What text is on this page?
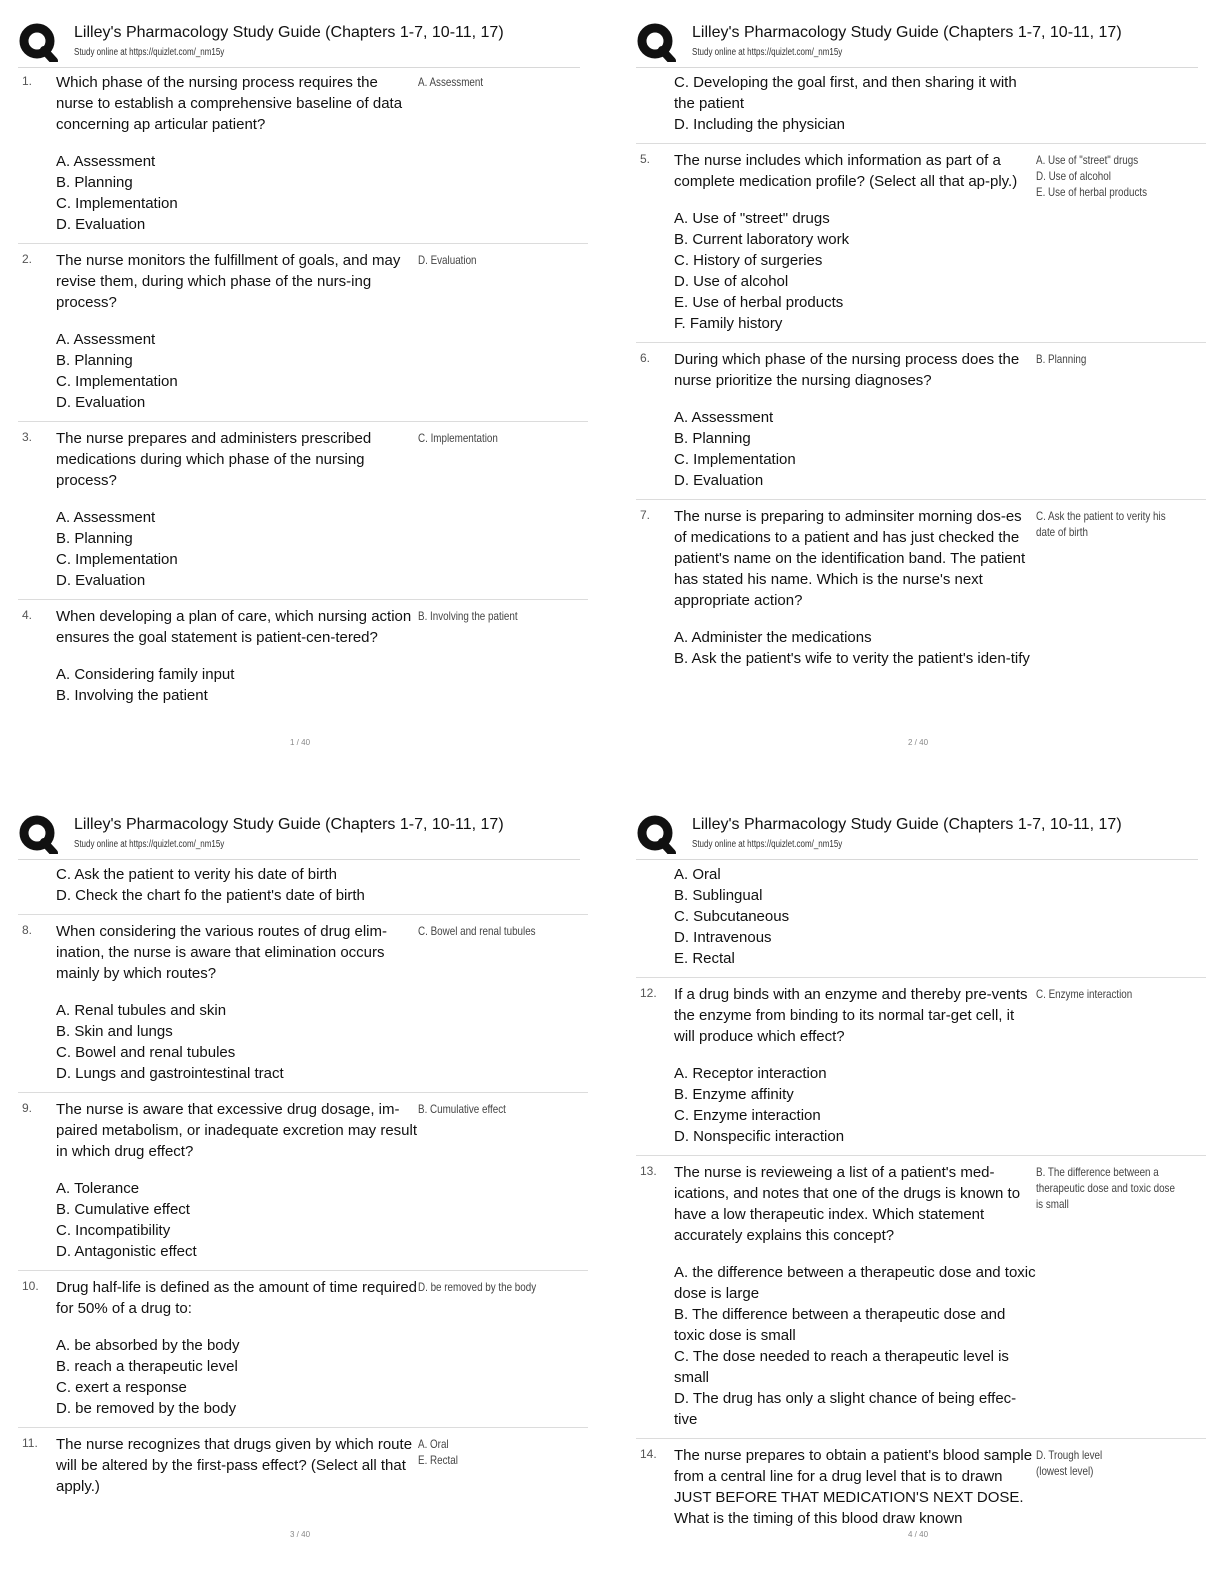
Lilley's Pharmacology Study Guide (Chapters 1-7, 10-11, 17)
Study online at https://quizlet.com/_nm15y
1. Which phase of the nursing process requires the nurse to establish a comprehensive baseline of data concerning ap articular patient?
A. Assessment
A. Assessment
B. Planning
C. Implementation
D. Evaluation
2. The nurse monitors the fulfillment of goals, and may revise them, during which phase of the nurs-ing process?
D. Evaluation
A. Assessment
B. Planning
C. Implementation
D. Evaluation
3. The nurse prepares and administers prescribed medications during which phase of the nursing process?
C. Implementation
A. Assessment
B. Planning
C. Implementation
D. Evaluation
4. When developing a plan of care, which nursing action ensures the goal statement is patient-cen-tered?
B. Involving the patient
A. Considering family input
B. Involving the patient
1 / 40
Lilley's Pharmacology Study Guide (Chapters 1-7, 10-11, 17)
Study online at https://quizlet.com/_nm15y
C. Developing the goal first, and then sharing it with the patient
D. Including the physician
5. The nurse includes which information as part of a complete medication profile? (Select all that ap-ply.)
A. Use of "street" drugs
D. Use of alcohol
E. Use of herbal products
A. Use of "street" drugs
B. Current laboratory work
C. History of surgeries
D. Use of alcohol
E. Use of herbal products
F. Family history
6. During which phase of the nursing process does the nurse prioritize the nursing diagnoses?
B. Planning
A. Assessment
B. Planning
C. Implementation
D. Evaluation
7. The nurse is preparing to adminsiter morning dos-es of medications to a patient and has just checked the patient's name on the identification band. The patient has stated his name. Which is the nurse's next appropriate action?
C. Ask the patient to verity his
date of birth
A. Administer the medications
B. Ask the patient's wife to verity the patient's iden-tify
2 / 40
Lilley's Pharmacology Study Guide (Chapters 1-7, 10-11, 17)
Study online at https://quizlet.com/_nm15y
C. Ask the patient to verity his date of birth
D. Check the chart fo the patient's date of birth
8. When considering the various routes of drug elim-ination, the nurse is aware that elimination occurs mainly by which routes?
C. Bowel and renal tubules
A. Renal tubules and skin
B. Skin and lungs
C. Bowel and renal tubules
D. Lungs and gastrointestinal tract
9. The nurse is aware that excessive drug dosage, im-paired metabolism, or inadequate excretion may result in which drug effect?
B. Cumulative effect
A. Tolerance
B. Cumulative effect
C. Incompatibility
D. Antagonistic effect
10. Drug half-life is defined as the amount of time required for 50% of a drug to:
D. be removed by the body
A. be absorbed by the body
B. reach a therapeutic level
C. exert a response
D. be removed by the body
11. The nurse recognizes that drugs given by which route will be altered by the first-pass effect? (Select all that apply.)
A. Oral
E. Rectal
3 / 40
Lilley's Pharmacology Study Guide (Chapters 1-7, 10-11, 17)
Study online at https://quizlet.com/_nm15y
A. Oral
B. Sublingual
C. Subcutaneous
D. Intravenous
E. Rectal
12. If a drug binds with an enzyme and thereby pre-vents the enzyme from binding to its normal tar-get cell, it will produce which effect?
C. Enzyme interaction
A. Receptor interaction
B. Enzyme affinity
C. Enzyme interaction
D. Nonspecific interaction
13. The nurse is revieweing a list of a patient's med-ications, and notes that one of the drugs is known to have a low therapeutic index. Which statement accurately explains this concept?
B. The difference between a
therapeutic dose and toxic dose
is small
A. the difference between a therapeutic dose and toxic dose is large
B. The difference between a therapeutic dose and toxic dose is small
C. The dose needed to reach a therapeutic level is small
D. The drug has only a slight chance of being effec-tive
14. The nurse prepares to obtain a patient's blood sample from a central line for a drug level that is to drawn JUST BEFORE THAT MEDICATION'S NEXT DOSE. What is the timing of this blood draw known
D. Trough level
(lowest level)
4 / 40
